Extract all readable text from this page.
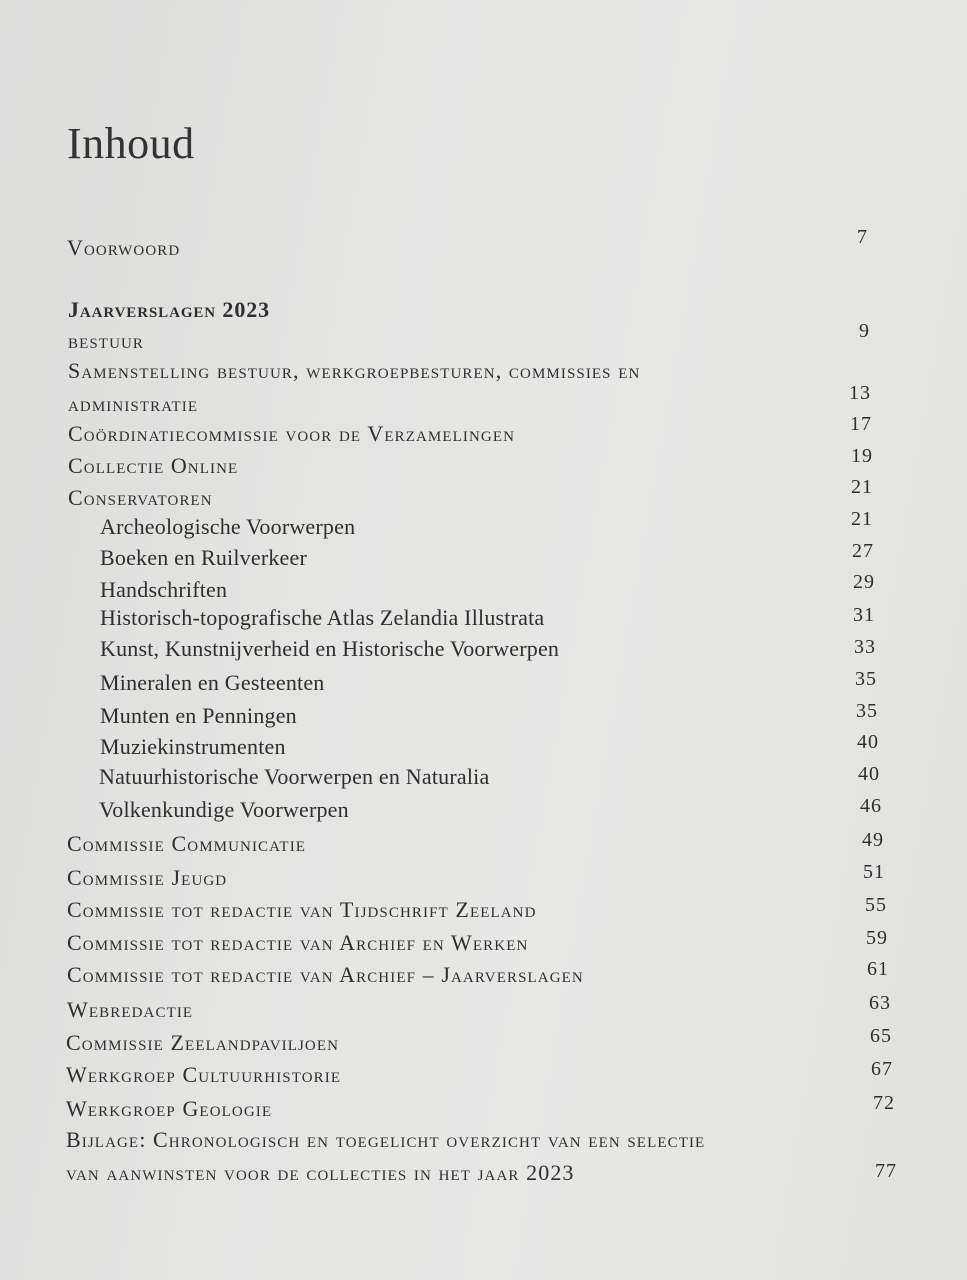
Inhoud
Voorwoord	7
Jaarverslagen 2023
bestuur	9
Samenstelling bestuur, werkgroepbesturen, commissies en
administratie	13
Coördinatiecommissie voor de Verzamelingen	17
Collectie Online	19
Conservatoren	21
Archeologische Voorwerpen	21
Boeken en Ruilverkeer	27
Handschriften	29
Historisch-topografische Atlas Zelandia Illustrata	31
Kunst, Kunstnijverheid en Historische Voorwerpen	33
Mineralen en Gesteenten	35
Munten en Penningen	35
Muziekinstrumenten	40
Natuurhistorische Voorwerpen en Naturalia	40
Volkenkundige Voorwerpen	46
Commissie Communicatie	49
Commissie Jeugd	51
Commissie tot redactie van Tijdschrift Zeeland	55
Commissie tot redactie van Archief en Werken	59
Commissie tot redactie van Archief – Jaarverslagen	61
Webredactie	63
Commissie Zeelandpaviljoen	65
Werkgroep Cultuurhistorie	67
Werkgroep Geologie	72
Bijlage: Chronologisch en toegelicht overzicht van een selectie
van aanwinsten voor de collecties in het jaar 2023	77
